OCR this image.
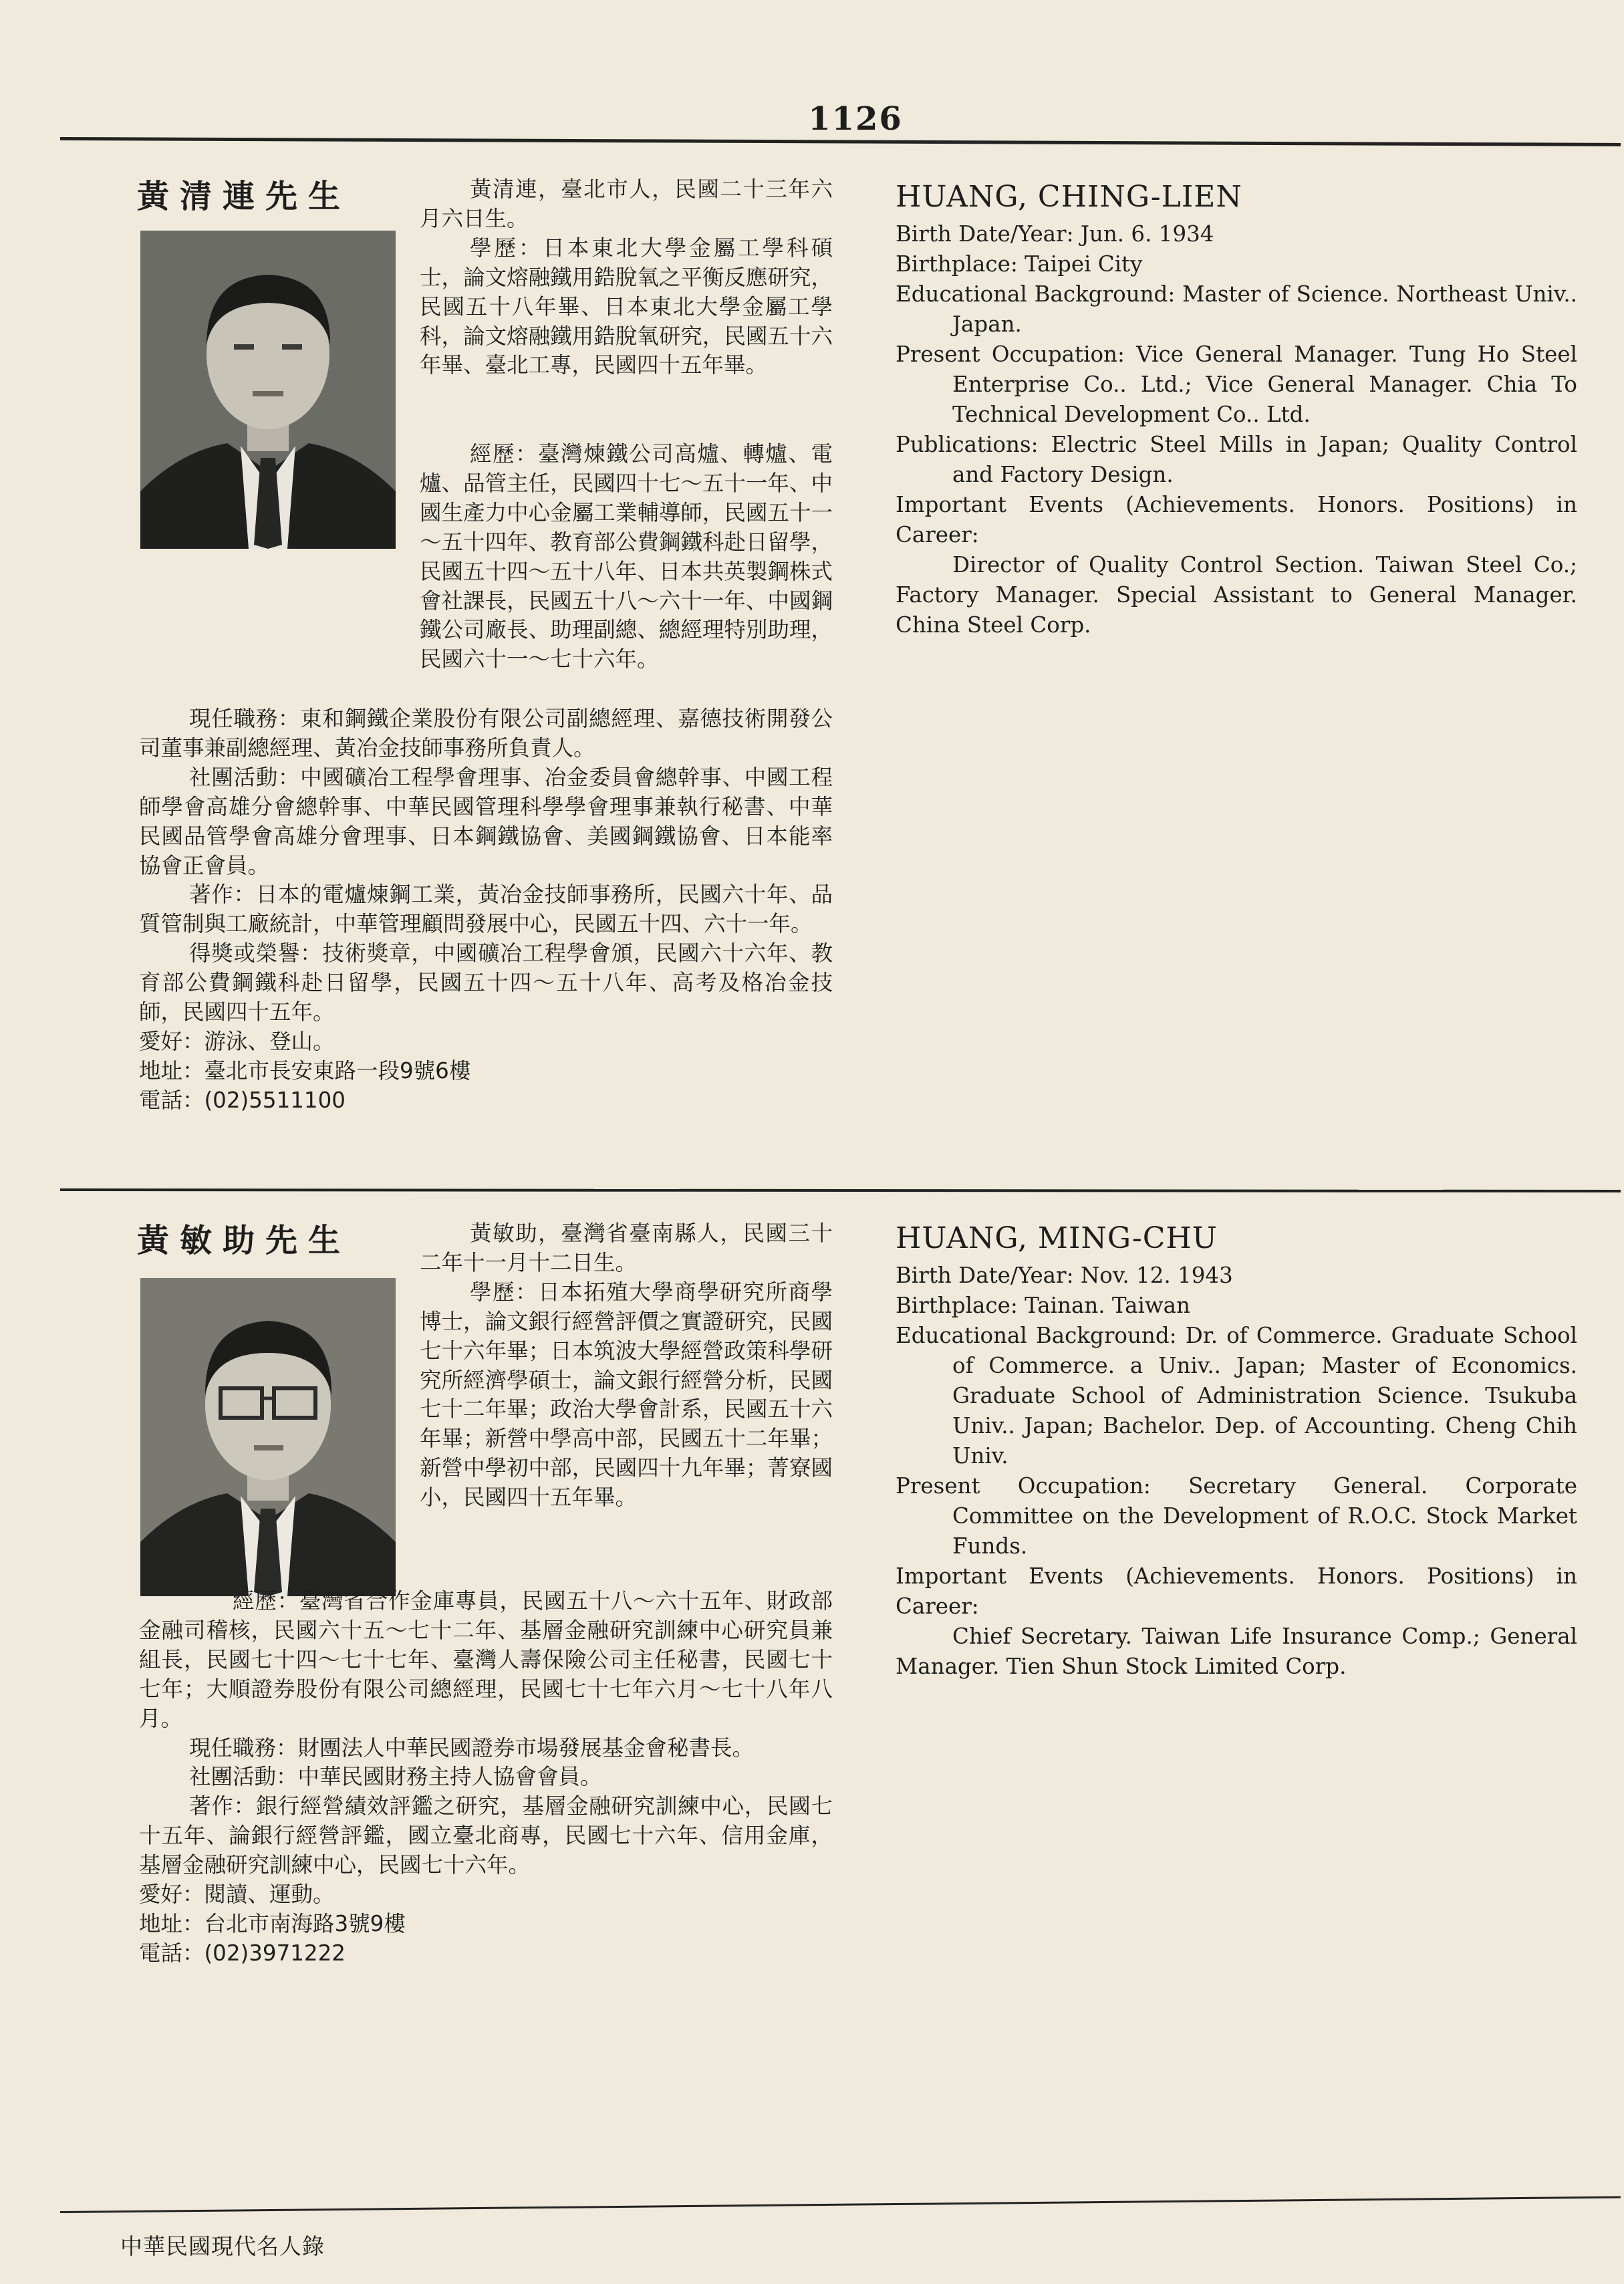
1126
黃清連先生	黃清連，臺北市人，民國二十三年六月六日生。

學歷：日本東北大學金屬工學科碩士，論文熔融鐵用鋯脫氧之平衡反應研究，民國五十八年畢、日本東北大學金屬工學科，論文熔融鐵用鋯脫氧研究，民國五十六年畢、臺北工專，民國四十五年畢。

經歷：臺灣煉鐵公司高爐、轉爐、電爐、品管主任，民國四十七～五十一年、中國生產力中心金屬工業輔導師，民國五十一～五十四年、教育部公費鋼鐵科赴日留學，民國五十四～五十八年、日本共英製鋼株式會社課長，民國五十八～六十一年、中國鋼鐵公司廠長、助理副總、總經理特別助理，民國六十一～七十六年。

現任職務：東和鋼鐵企業股份有限公司副總經理、嘉德技術開發公司董事兼副總經理、黃冶金技師事務所負責人。

社團活動：中國礦冶工程學會理事、冶金委員會總幹事、中國工程師學會高雄分會總幹事、中華民國管理科學學會理事兼執行秘書、中華民國品管學會高雄分會理事、日本鋼鐵協會、美國鋼鐵協會、日本能率協會正會員。

著作：日本的電爐煉鋼工業，黃冶金技師事務所，民國六十年、品質管制與工廠統計，中華管理顧問發展中心，民國五十四、六十一年。

得獎或榮譽：技術獎章，中國礦冶工程學會頒，民國六十六年、教育部公費鋼鐵科赴日留學，民國五十四～五十八年、高考及格冶金技師，民國四十五年。

愛好：游泳、登山。

地址：臺北市長安東路一段9號6樓

電話：(02)5511100

HUANG, CHING-LIEN

Birth Date/Year: Jun. 6. 1934

Birthplace: Taipei City

Educational Background: Master of Science. Northeast Univ.. Japan.

Present Occupation: Vice General Manager. Tung Ho Steel Enterprise Co.. Ltd.; Vice General Manager. Chia To Technical Development Co.. Ltd.

Publications: Electric Steel Mills in Japan; Quality Control and Factory Design.

Important Events (Achievements. Honors. Positions) in Career:

Director of Quality Control Section. Taiwan Steel Co.; Factory Manager. Special Assistant to General Manager. China Steel Corp.

黃敏助先生	黃敏助，臺灣省臺南縣人，民國三十二年十一月十二日生。

學歷：日本拓殖大學商學研究所商學博士，論文銀行經營評價之實證研究，民國七十六年畢；日本筑波大學經營政策科學研究所經濟學碩士，論文銀行經營分析，民國七十二年畢；政治大學會計系，民國五十六年畢；新營中學高中部，民國五十二年畢；新營中學初中部，民國四十九年畢；菁寮國小，民國四十五年畢。

經歷：臺灣省合作金庫專員，民國五十八～六十五年、財政部金融司稽核，民國六十五～七十二年、基層金融研究訓練中心研究員兼組長，民國七十四～七十七年、臺灣人壽保險公司主任秘書，民國七十七年；大順證券股份有限公司總經理，民國七十七年六月～七十八年八月。

現任職務：財團法人中華民國證券市場發展基金會秘書長。

社團活動：中華民國財務主持人協會會員。

著作：銀行經營績效評鑑之研究，基層金融研究訓練中心，民國七十五年、論銀行經營評鑑，國立臺北商專，民國七十六年、信用金庫，基層金融研究訓練中心，民國七十六年。

愛好：閱讀、運動。

地址：台北市南海路3號9樓

電話：(02)3971222

HUANG, MING-CHU

Birth Date/Year: Nov. 12. 1943

Birthplace: Tainan. Taiwan

Educational Background: Dr. of Commerce. Graduate School of Commerce. a Univ.. Japan; Master of Economics. Graduate School of Administration Science. Tsukuba Univ.. Japan; Bachelor. Dep. of Accounting. Cheng Chih Univ.

Present Occupation: Secretary General. Corporate Committee on the Development of R.O.C. Stock Market Funds.

Important Events (Achievements. Honors. Positions) in Career:

Chief Secretary. Taiwan Life Insurance Comp.; General Manager. Tien Shun Stock Limited Corp.

中華民國現代名人錄
